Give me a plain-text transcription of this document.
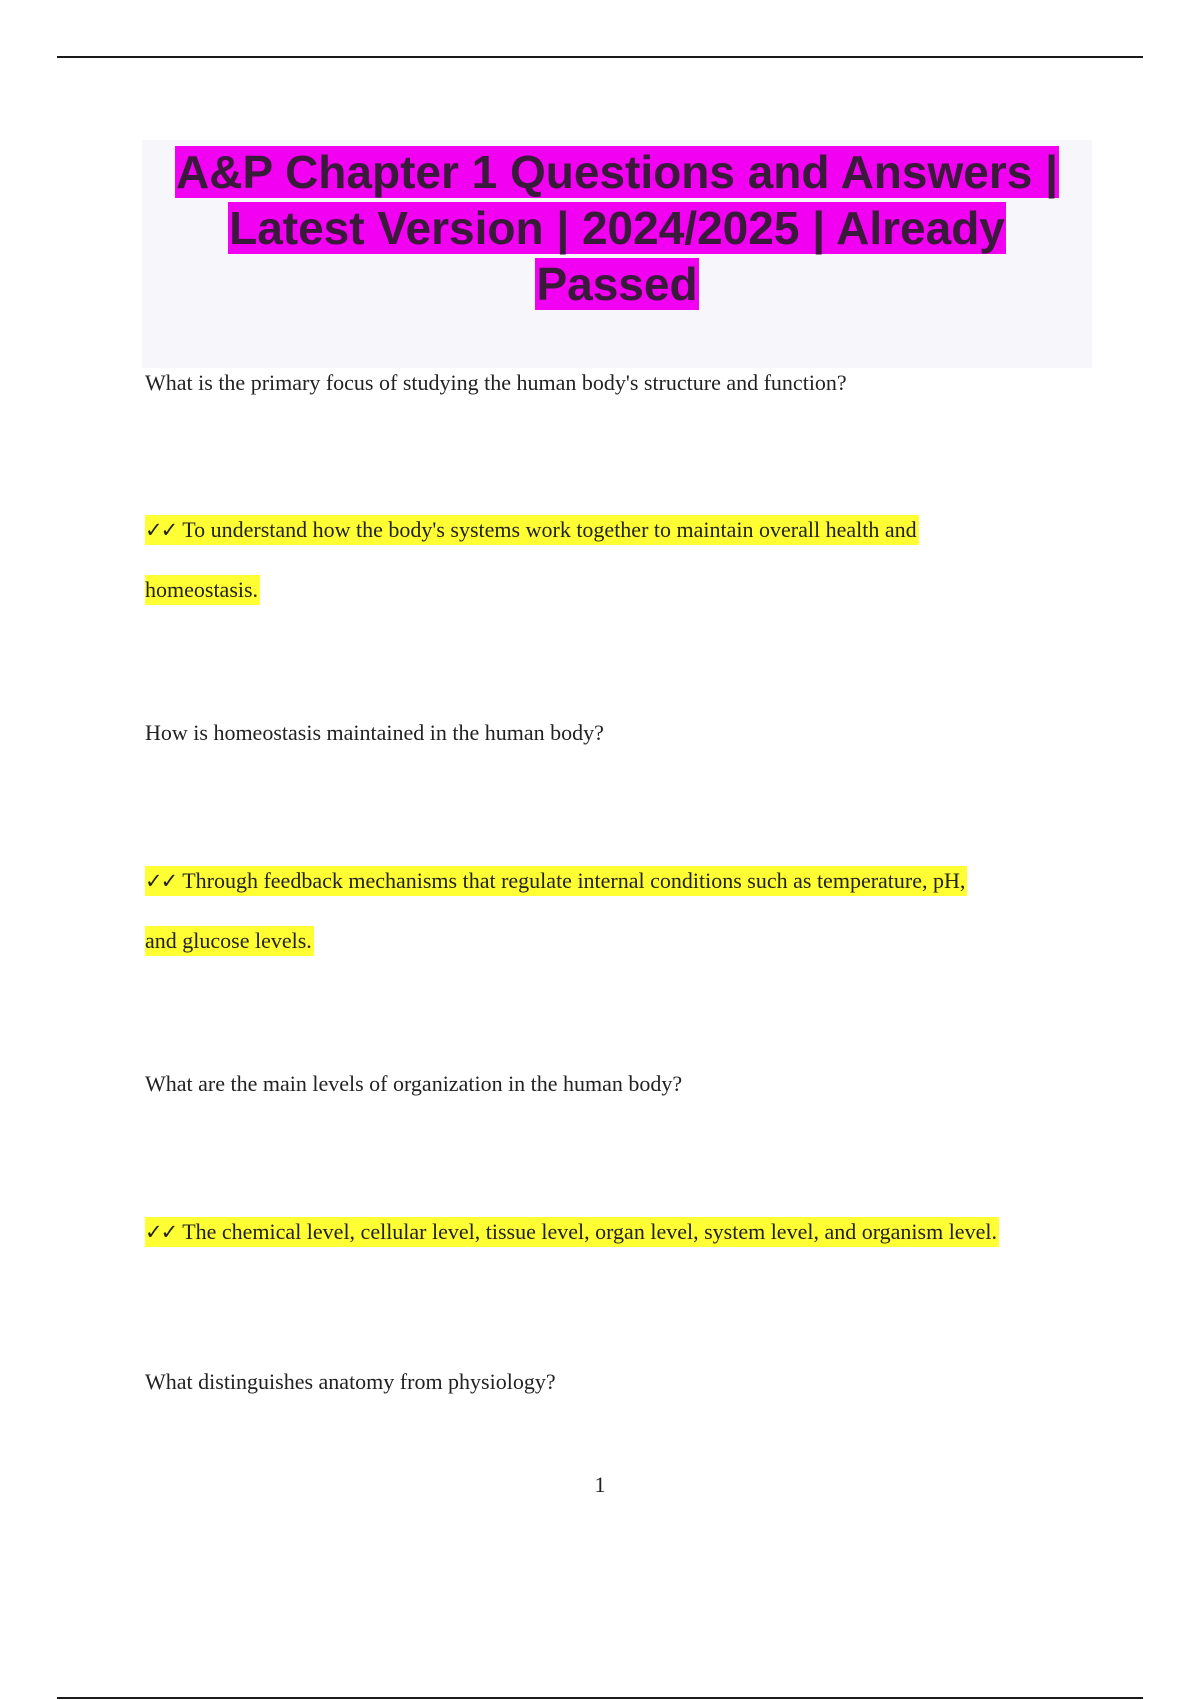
A&P Chapter 1 Questions and Answers |
Latest Version | 2024/2025 | Already
Passed

What is the primary focus of studying the human body's structure and function?

✓✓ To understand how the body's systems work together to maintain overall health and
homeostasis.

How is homeostasis maintained in the human body?

✓✓ Through feedback mechanisms that regulate internal conditions such as temperature, pH,
and glucose levels.

What are the main levels of organization in the human body?

✓✓ The chemical level, cellular level, tissue level, organ level, system level, and organism level.

What distinguishes anatomy from physiology?

1
